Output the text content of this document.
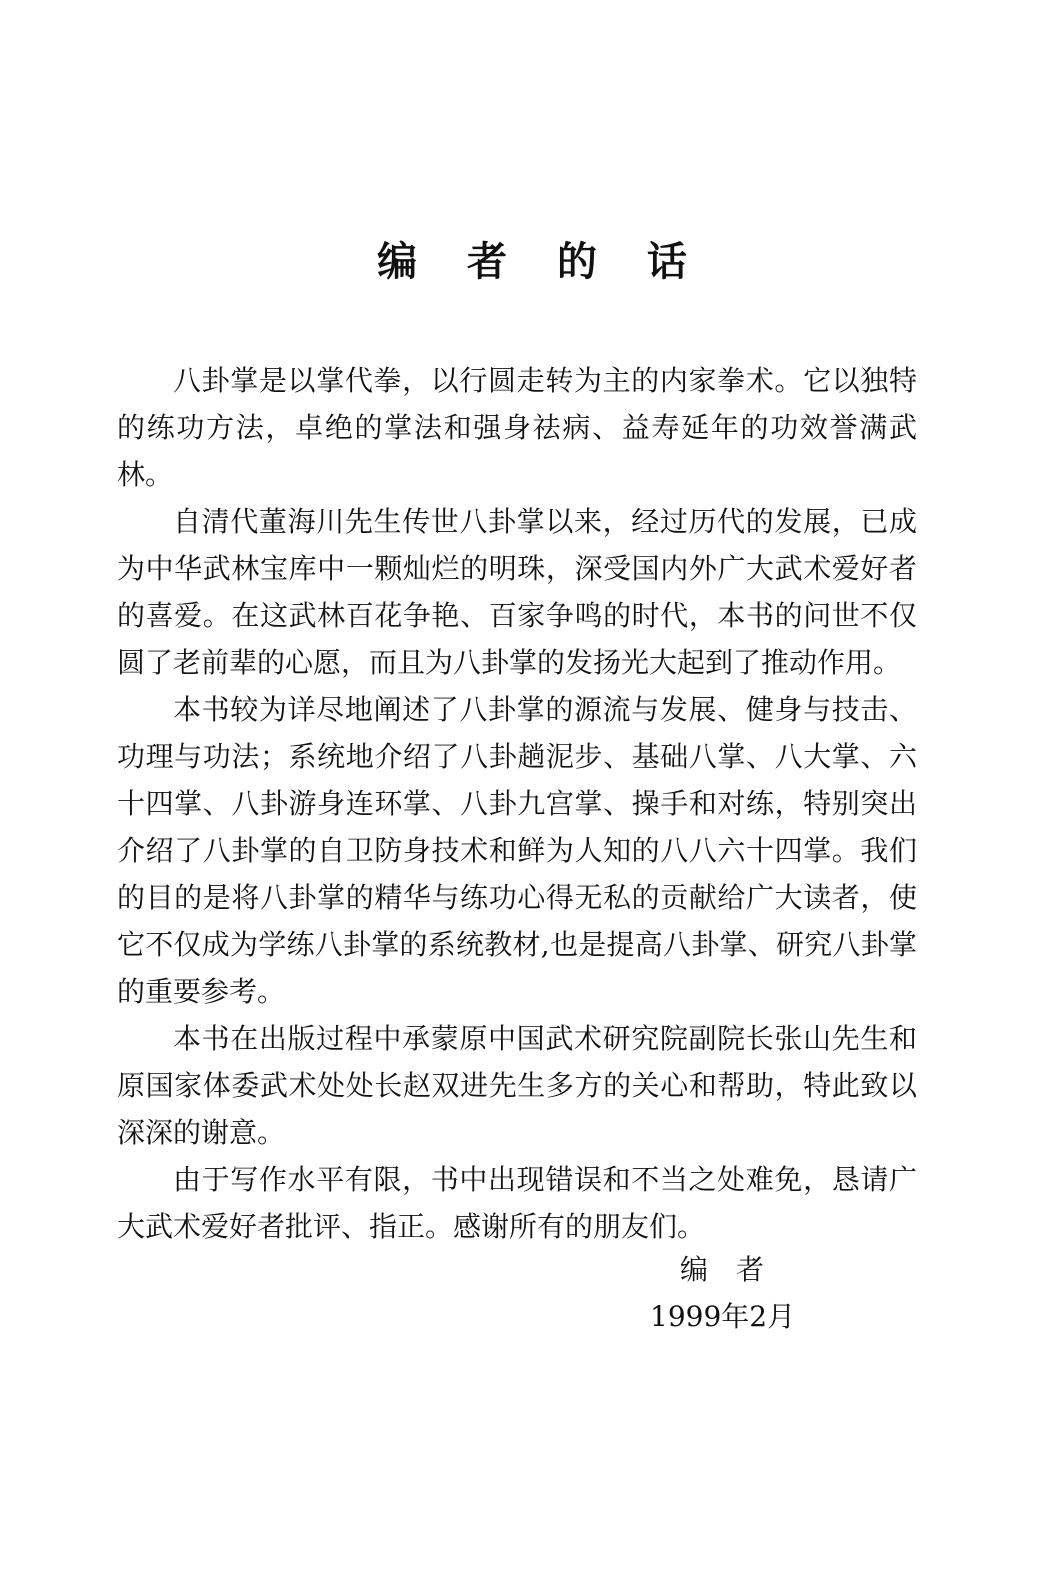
编 者 的 话

八卦掌是以掌代拳，以行圆走转为主的内家拳术。它以独特的练功方法，卓绝的掌法和强身祛病、益寿延年的功效誉满武林。

自清代董海川先生传世八卦掌以来，经过历代的发展，已成为中华武林宝库中一颗灿烂的明珠，深受国内外广大武术爱好者的喜爱。在这武林百花争艳、百家争鸣的时代，本书的问世不仅圆了老前辈的心愿，而且为八卦掌的发扬光大起到了推动作用。

本书较为详尽地阐述了八卦掌的源流与发展、健身与技击、功理与功法；系统地介绍了八卦趟泥步、基础八掌、八大掌、六十四掌、八卦游身连环掌、八卦九宫掌、操手和对练，特别突出介绍了八卦掌的自卫防身技术和鲜为人知的八八六十四掌。我们的目的是将八卦掌的精华与练功心得无私的贡献给广大读者，使它不仅成为学练八卦掌的系统教材,也是提高八卦掌、研究八卦掌的重要参考。

本书在出版过程中承蒙原中国武术研究院副院长张山先生和原国家体委武术处处长赵双进先生多方的关心和帮助，特此致以深深的谢意。

由于写作水平有限，书中出现错误和不当之处难免，恳请广大武术爱好者批评、指正。感谢所有的朋友们。

编者
1999年2月
